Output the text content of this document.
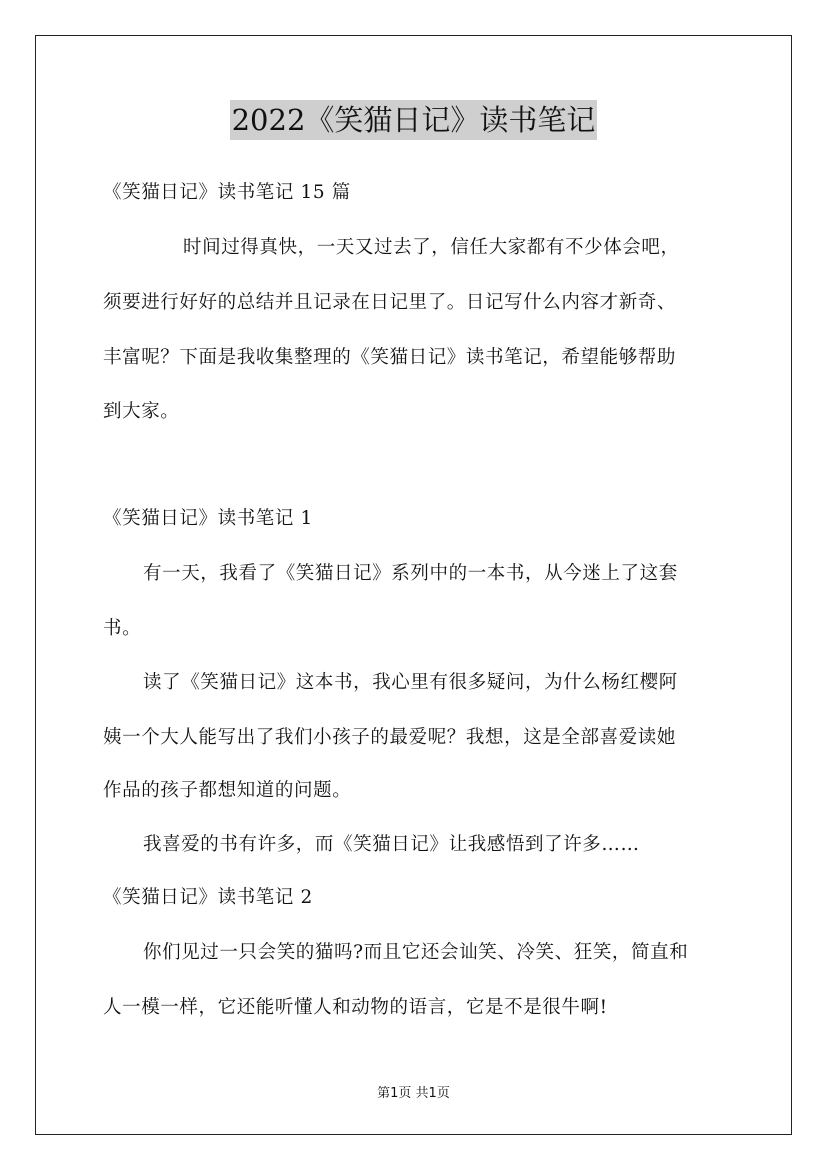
2022《笑猫日记》读书笔记
《笑猫日记》读书笔记 15 篇
时间过得真快，一天又过去了，信任大家都有不少体会吧，
须要进行好好的总结并且记录在日记里了。日记写什么内容才新奇、
丰富呢？下面是我收集整理的《笑猫日记》读书笔记，希望能够帮助
到大家。
《笑猫日记》读书笔记 1
有一天，我看了《笑猫日记》系列中的一本书，从今迷上了这套
书。
读了《笑猫日记》这本书，我心里有很多疑问，为什么杨红樱阿
姨一个大人能写出了我们小孩子的最爱呢？我想，这是全部喜爱读她
作品的孩子都想知道的问题。
我喜爱的书有许多，而《笑猫日记》让我感悟到了许多……
《笑猫日记》读书笔记 2
你们见过一只会笑的猫吗?而且它还会讪笑、冷笑、狂笑，简直和
人一模一样，它还能听懂人和动物的语言，它是不是很牛啊!
第1页 共1页
